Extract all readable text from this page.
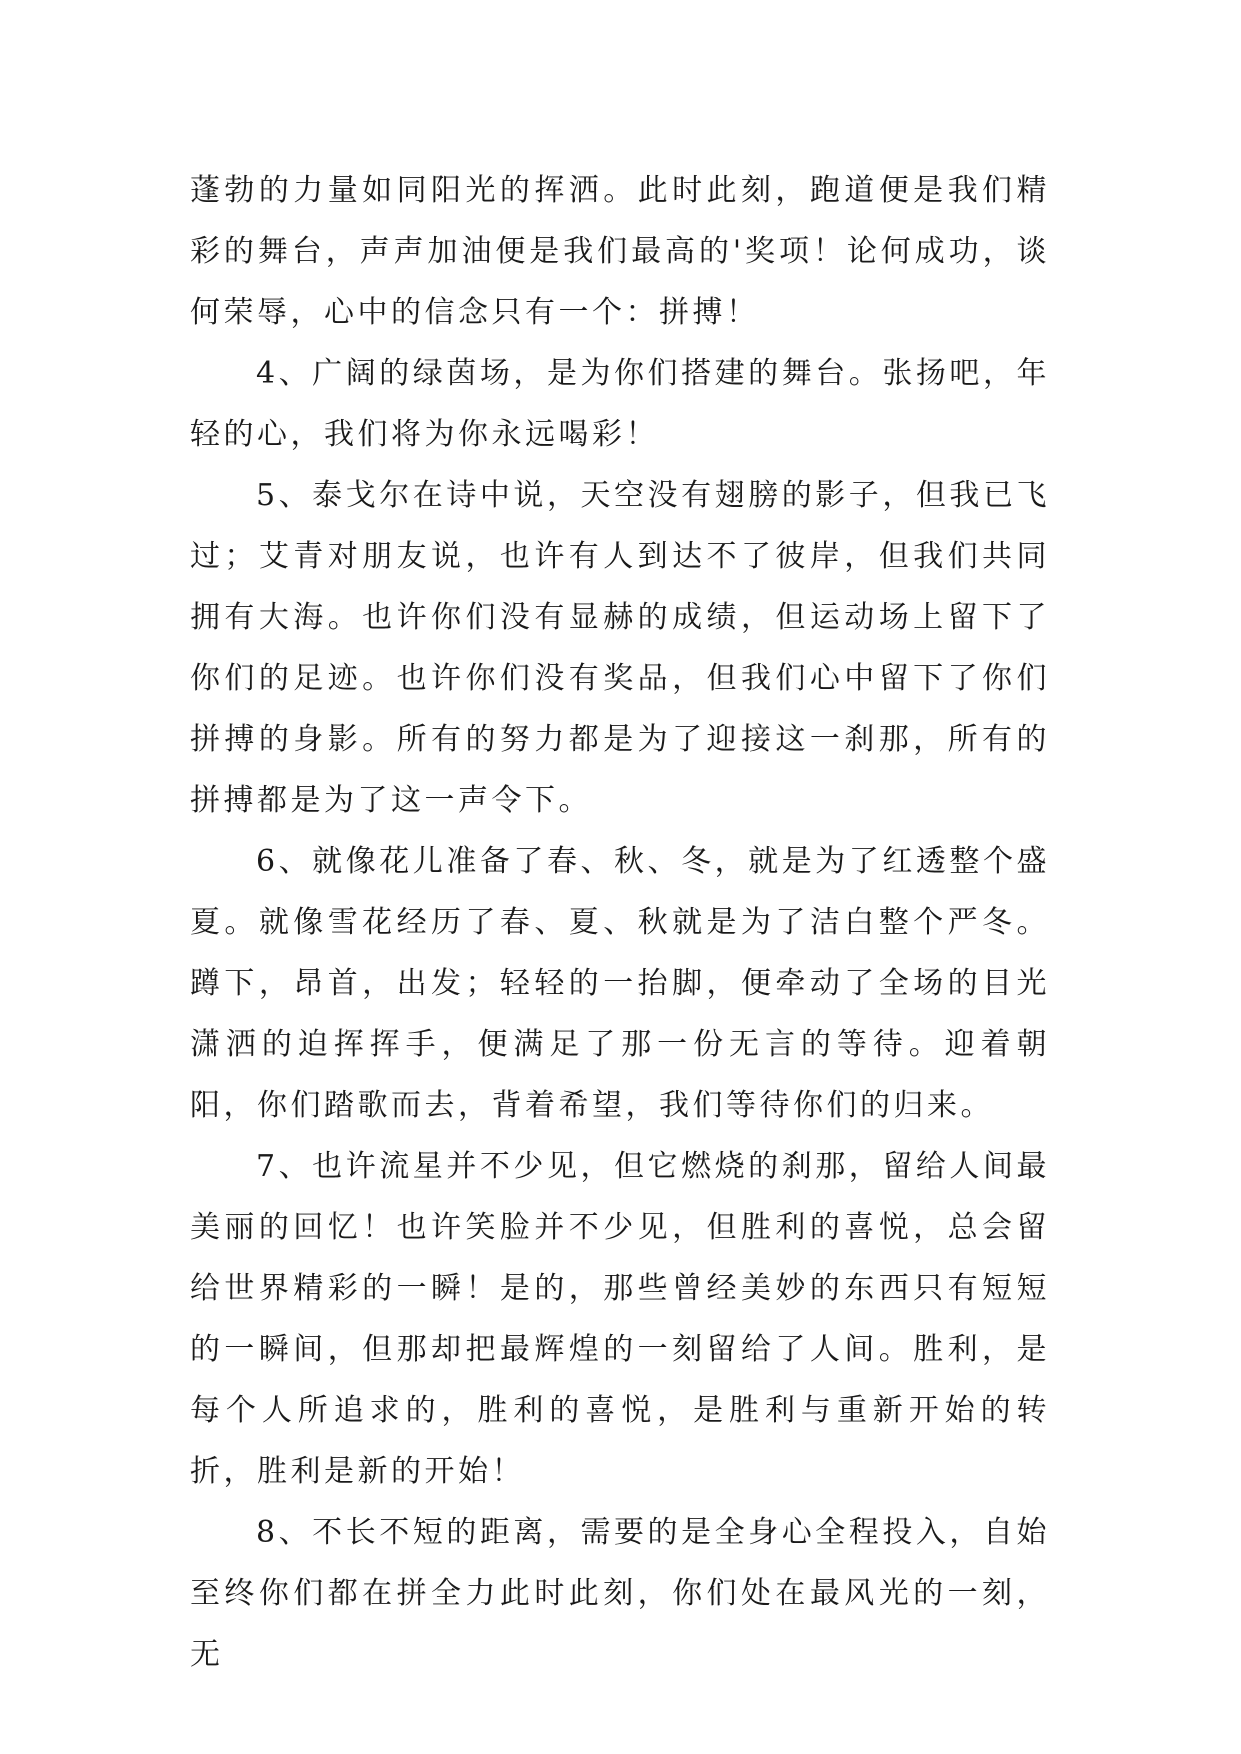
蓬勃的力量如同阳光的挥洒。此时此刻，跑道便是我们精彩的舞台，声声加油便是我们最高的'奖项！论何成功，谈何荣辱，心中的信念只有一个：拼搏！

4、广阔的绿茵场，是为你们搭建的舞台。张扬吧，年轻的心，我们将为你永远喝彩！

5、泰戈尔在诗中说，天空没有翅膀的影子，但我已飞过；艾青对朋友说，也许有人到达不了彼岸，但我们共同拥有大海。也许你们没有显赫的成绩，但运动场上留下了你们的足迹。也许你们没有奖品，但我们心中留下了你们拼搏的身影。所有的努力都是为了迎接这一刹那，所有的拼搏都是为了这一声令下。

6、就像花儿准备了春、秋、冬，就是为了红透整个盛夏。就像雪花经历了春、夏、秋就是为了洁白整个严冬。蹲下，昂首，出发；轻轻的一抬脚，便牵动了全场的目光潇洒的迫挥挥手，便满足了那一份无言的等待。迎着朝阳，你们踏歌而去，背着希望，我们等待你们的归来。

7、也许流星并不少见，但它燃烧的刹那，留给人间最美丽的回忆！也许笑脸并不少见，但胜利的喜悦，总会留给世界精彩的一瞬！是的，那些曾经美妙的东西只有短短的一瞬间，但那却把最辉煌的一刻留给了人间。胜利，是每个人所追求的，胜利的喜悦，是胜利与重新开始的转折，胜利是新的开始！

8、不长不短的距离，需要的是全身心全程投入，自始至终你们都在拼全力此时此刻，你们处在最风光的一刻，无
